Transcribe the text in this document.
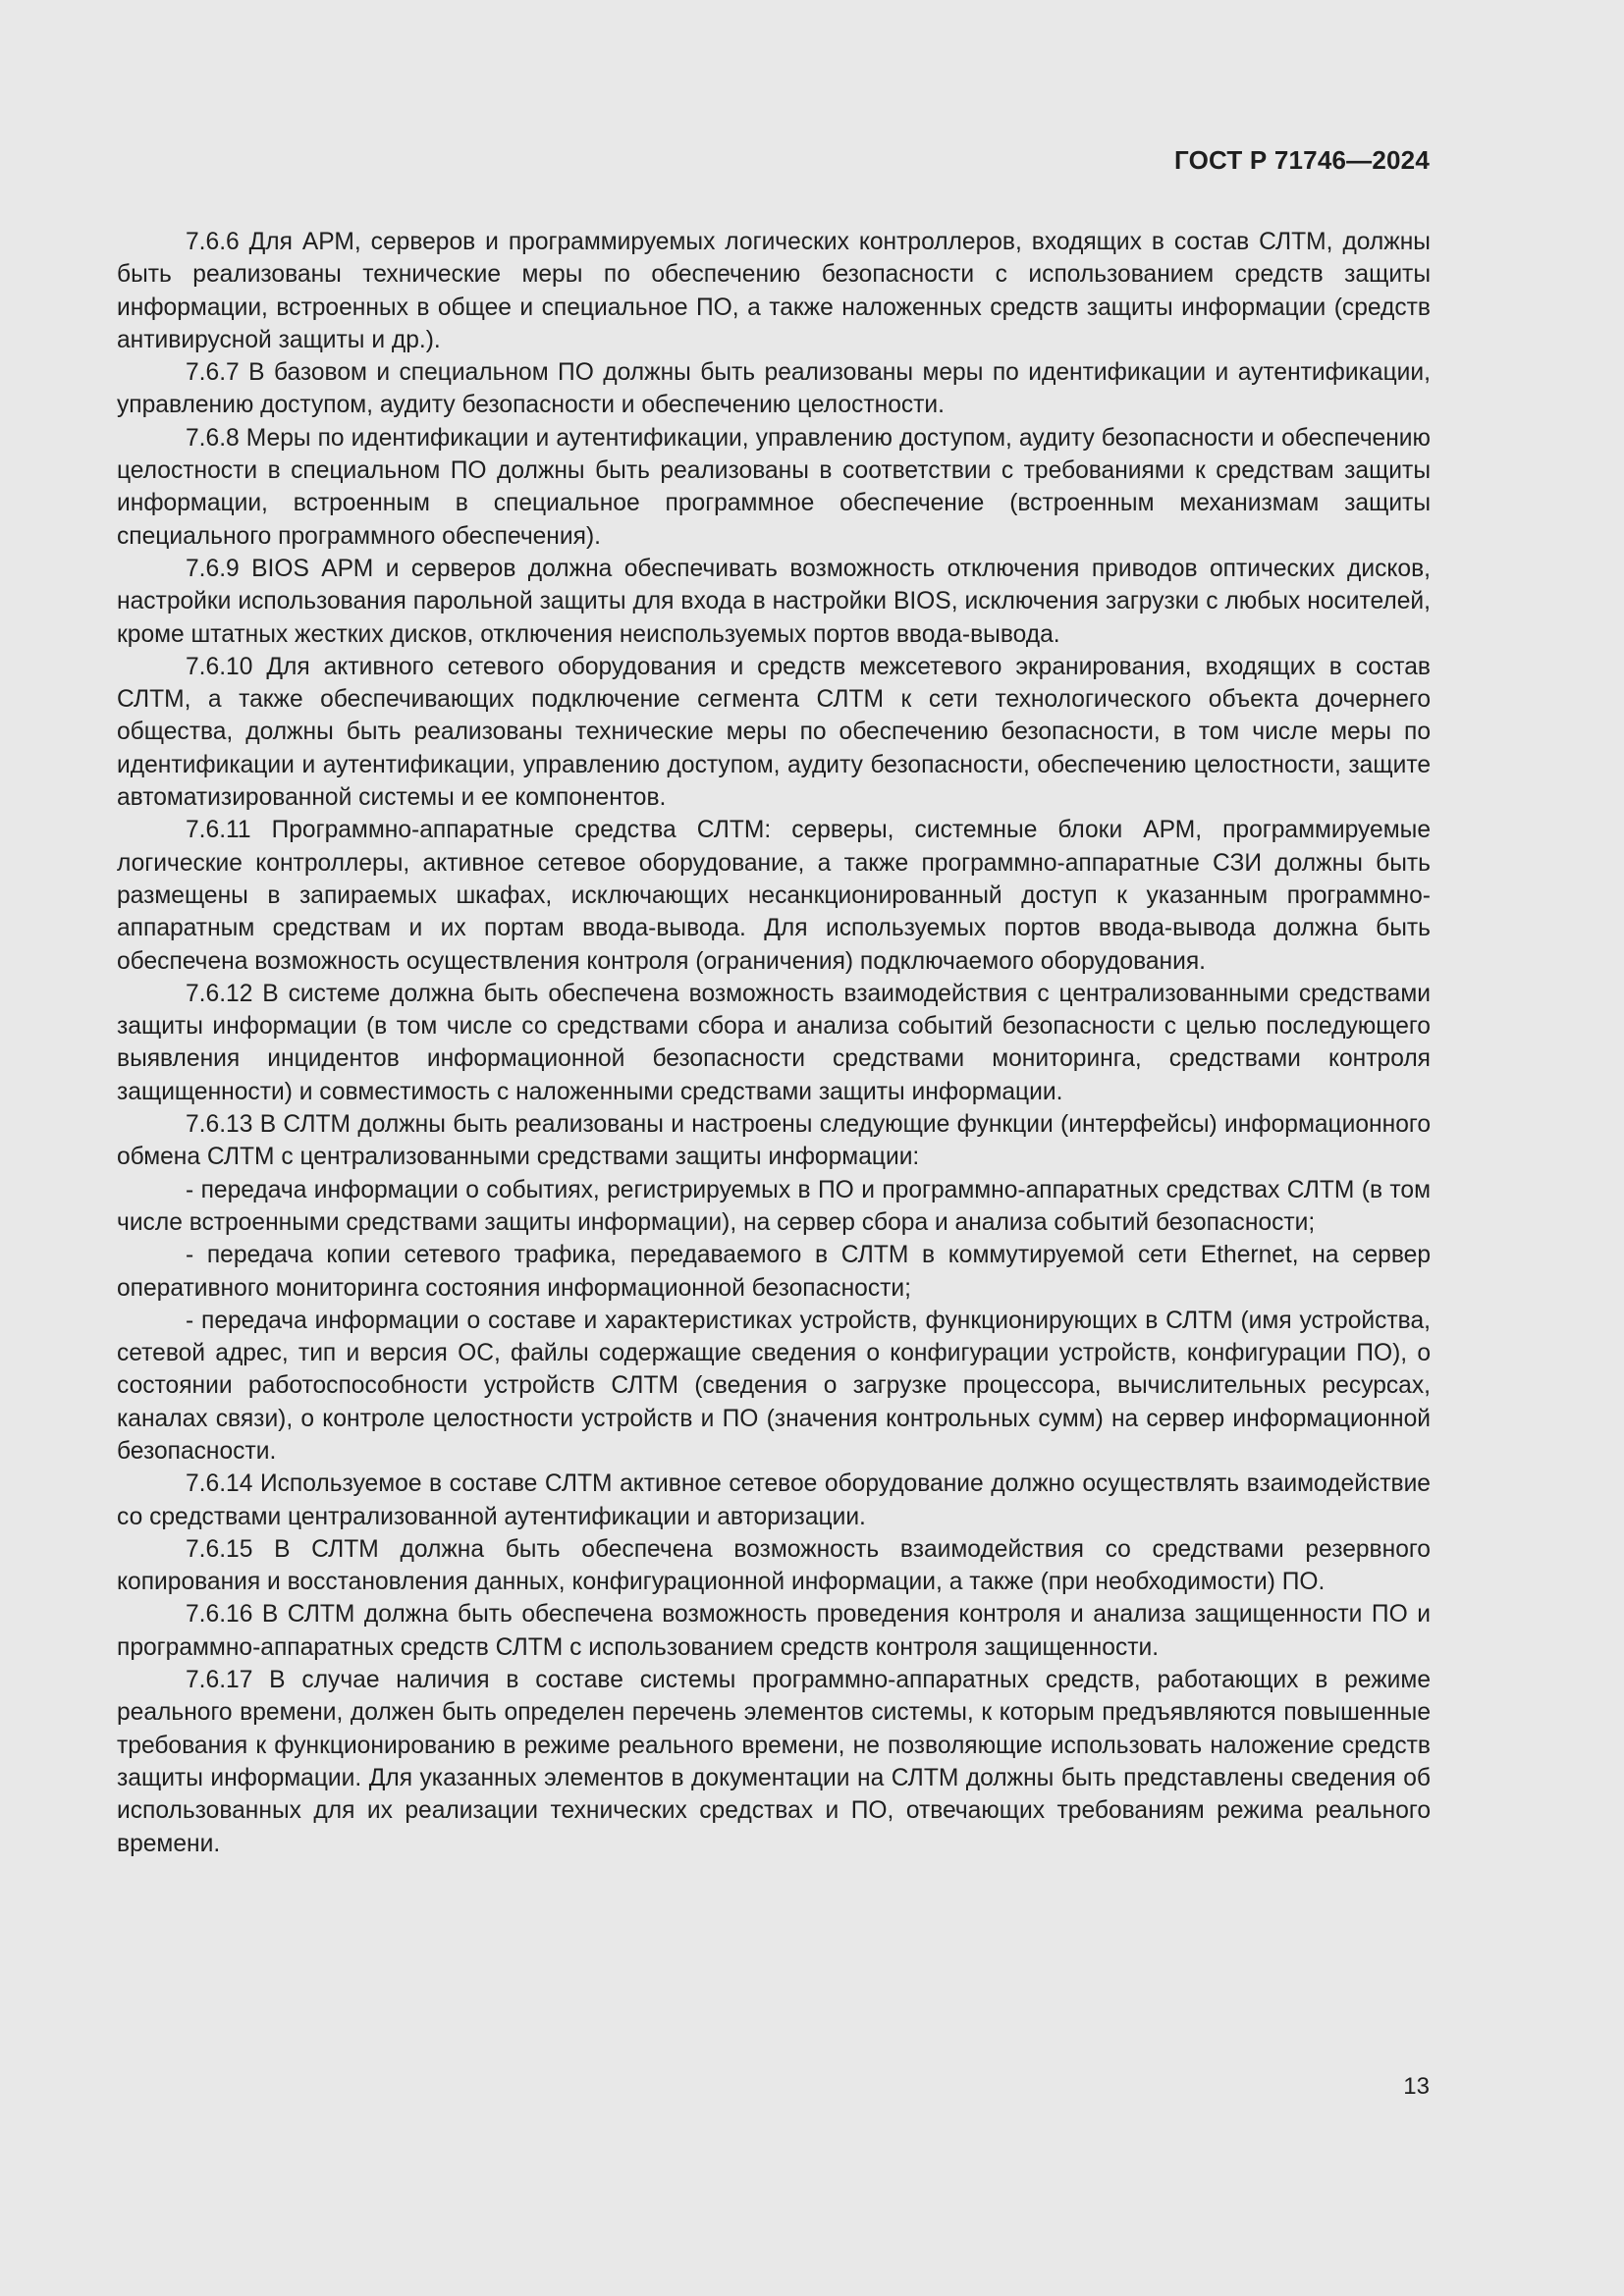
ГОСТ Р 71746—2024

7.6.6 Для АРМ, серверов и программируемых логических контроллеров, входящих в состав СЛТМ, должны быть реализованы технические меры по обеспечению безопасности с использованием средств защиты информации, встроенных в общее и специальное ПО, а также наложенных средств защиты информации (средств антивирусной защиты и др.).

7.6.7 В базовом и специальном ПО должны быть реализованы меры по идентификации и аутентификации, управлению доступом, аудиту безопасности и обеспечению целостности.

7.6.8 Меры по идентификации и аутентификации, управлению доступом, аудиту безопасности и обеспечению целостности в специальном ПО должны быть реализованы в соответствии с требованиями к средствам защиты информации, встроенным в специальное программное обеспечение (встроенным механизмам защиты специального программного обеспечения).

7.6.9 BIOS АРМ и серверов должна обеспечивать возможность отключения приводов оптических дисков, настройки использования парольной защиты для входа в настройки BIOS, исключения загрузки с любых носителей, кроме штатных жестких дисков, отключения неиспользуемых портов ввода-вывода.

7.6.10 Для активного сетевого оборудования и средств межсетевого экранирования, входящих в состав СЛТМ, а также обеспечивающих подключение сегмента СЛТМ к сети технологического объекта дочернего общества, должны быть реализованы технические меры по обеспечению безопасности, в том числе меры по идентификации и аутентификации, управлению доступом, аудиту безопасности, обеспечению целостности, защите автоматизированной системы и ее компонентов.

7.6.11 Программно-аппаратные средства СЛТМ: серверы, системные блоки АРМ, программируемые логические контроллеры, активное сетевое оборудование, а также программно-аппаратные СЗИ должны быть размещены в запираемых шкафах, исключающих несанкционированный доступ к указанным программно-аппаратным средствам и их портам ввода-вывода. Для используемых портов ввода-вывода должна быть обеспечена возможность осуществления контроля (ограничения) подключаемого оборудования.

7.6.12 В системе должна быть обеспечена возможность взаимодействия с централизованными средствами защиты информации (в том числе со средствами сбора и анализа событий безопасности с целью последующего выявления инцидентов информационной безопасности средствами мониторинга, средствами контроля защищенности) и совместимость с наложенными средствами защиты информации.

7.6.13 В СЛТМ должны быть реализованы и настроены следующие функции (интерфейсы) информационного обмена СЛТМ с централизованными средствами защиты информации:

- передача информации о событиях, регистрируемых в ПО и программно-аппаратных средствах СЛТМ (в том числе встроенными средствами защиты информации), на сервер сбора и анализа событий безопасности;

- передача копии сетевого трафика, передаваемого в СЛТМ в коммутируемой сети Ethernet, на сервер оперативного мониторинга состояния информационной безопасности;

- передача информации о составе и характеристиках устройств, функционирующих в СЛТМ (имя устройства, сетевой адрес, тип и версия ОС, файлы содержащие сведения о конфигурации устройств, конфигурации ПО), о состоянии работоспособности устройств СЛТМ (сведения о загрузке процессора, вычислительных ресурсах, каналах связи), о контроле целостности устройств и ПО (значения контрольных сумм) на сервер информационной безопасности.

7.6.14 Используемое в составе СЛТМ активное сетевое оборудование должно осуществлять взаимодействие со средствами централизованной аутентификации и авторизации.

7.6.15 В СЛТМ должна быть обеспечена возможность взаимодействия со средствами резервного копирования и восстановления данных, конфигурационной информации, а также (при необходимости) ПО.

7.6.16 В СЛТМ должна быть обеспечена возможность проведения контроля и анализа защищенности ПО и программно-аппаратных средств СЛТМ с использованием средств контроля защищенности.

7.6.17 В случае наличия в составе системы программно-аппаратных средств, работающих в режиме реального времени, должен быть определен перечень элементов системы, к которым предъявляются повышенные требования к функционированию в режиме реального времени, не позволяющие использовать наложение средств защиты информации. Для указанных элементов в документации на СЛТМ должны быть представлены сведения об использованных для их реализации технических средствах и ПО, отвечающих требованиям режима реального времени.

13
